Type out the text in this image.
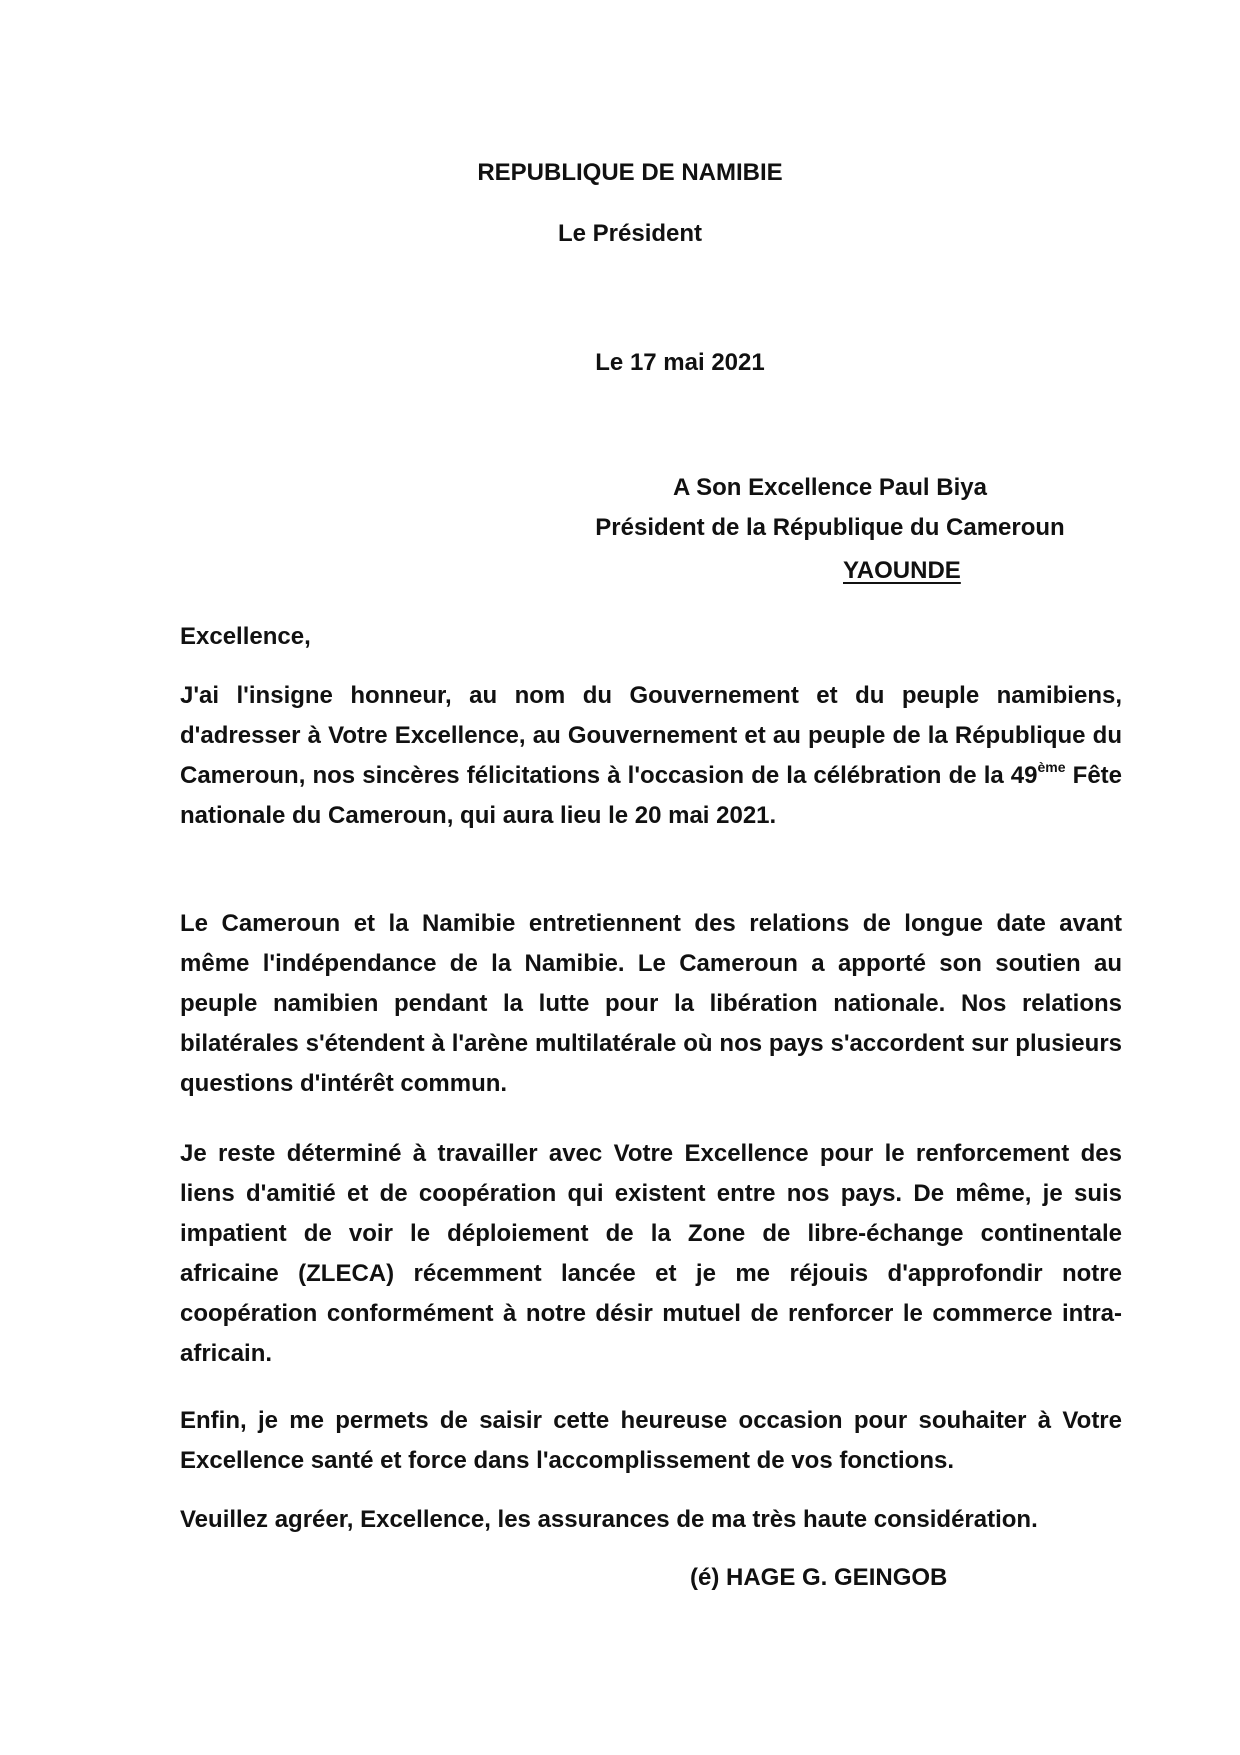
REPUBLIQUE DE NAMIBIE
Le Président
Le 17 mai 2021
A Son Excellence Paul Biya
Président de la République du Cameroun
YAOUNDE
Excellence,
J'ai l'insigne honneur, au nom du Gouvernement et du peuple namibiens, d'adresser à Votre Excellence, au Gouvernement et au peuple de la République du Cameroun, nos sincères félicitations à l'occasion de la célébration de la 49ème Fête nationale du Cameroun, qui aura lieu le 20 mai 2021.
Le Cameroun et la Namibie entretiennent des relations de longue date avant même l'indépendance de la Namibie. Le Cameroun a apporté son soutien au peuple namibien pendant la lutte pour la libération nationale. Nos relations bilatérales s'étendent à l'arène multilatérale où nos pays s'accordent sur plusieurs questions d'intérêt commun.
Je reste déterminé à travailler avec Votre Excellence pour le renforcement des liens d'amitié et de coopération qui existent entre nos pays. De même, je suis impatient de voir le déploiement de la Zone de libre-échange continentale africaine (ZLECA) récemment lancée et je me réjouis d'approfondir notre coopération conformément à notre désir mutuel de renforcer le commerce intra-africain.
Enfin, je me permets de saisir cette heureuse occasion pour souhaiter à Votre Excellence santé et force dans l'accomplissement de vos fonctions.
Veuillez agréer, Excellence, les assurances de ma très haute considération.
(é) HAGE G. GEINGOB
